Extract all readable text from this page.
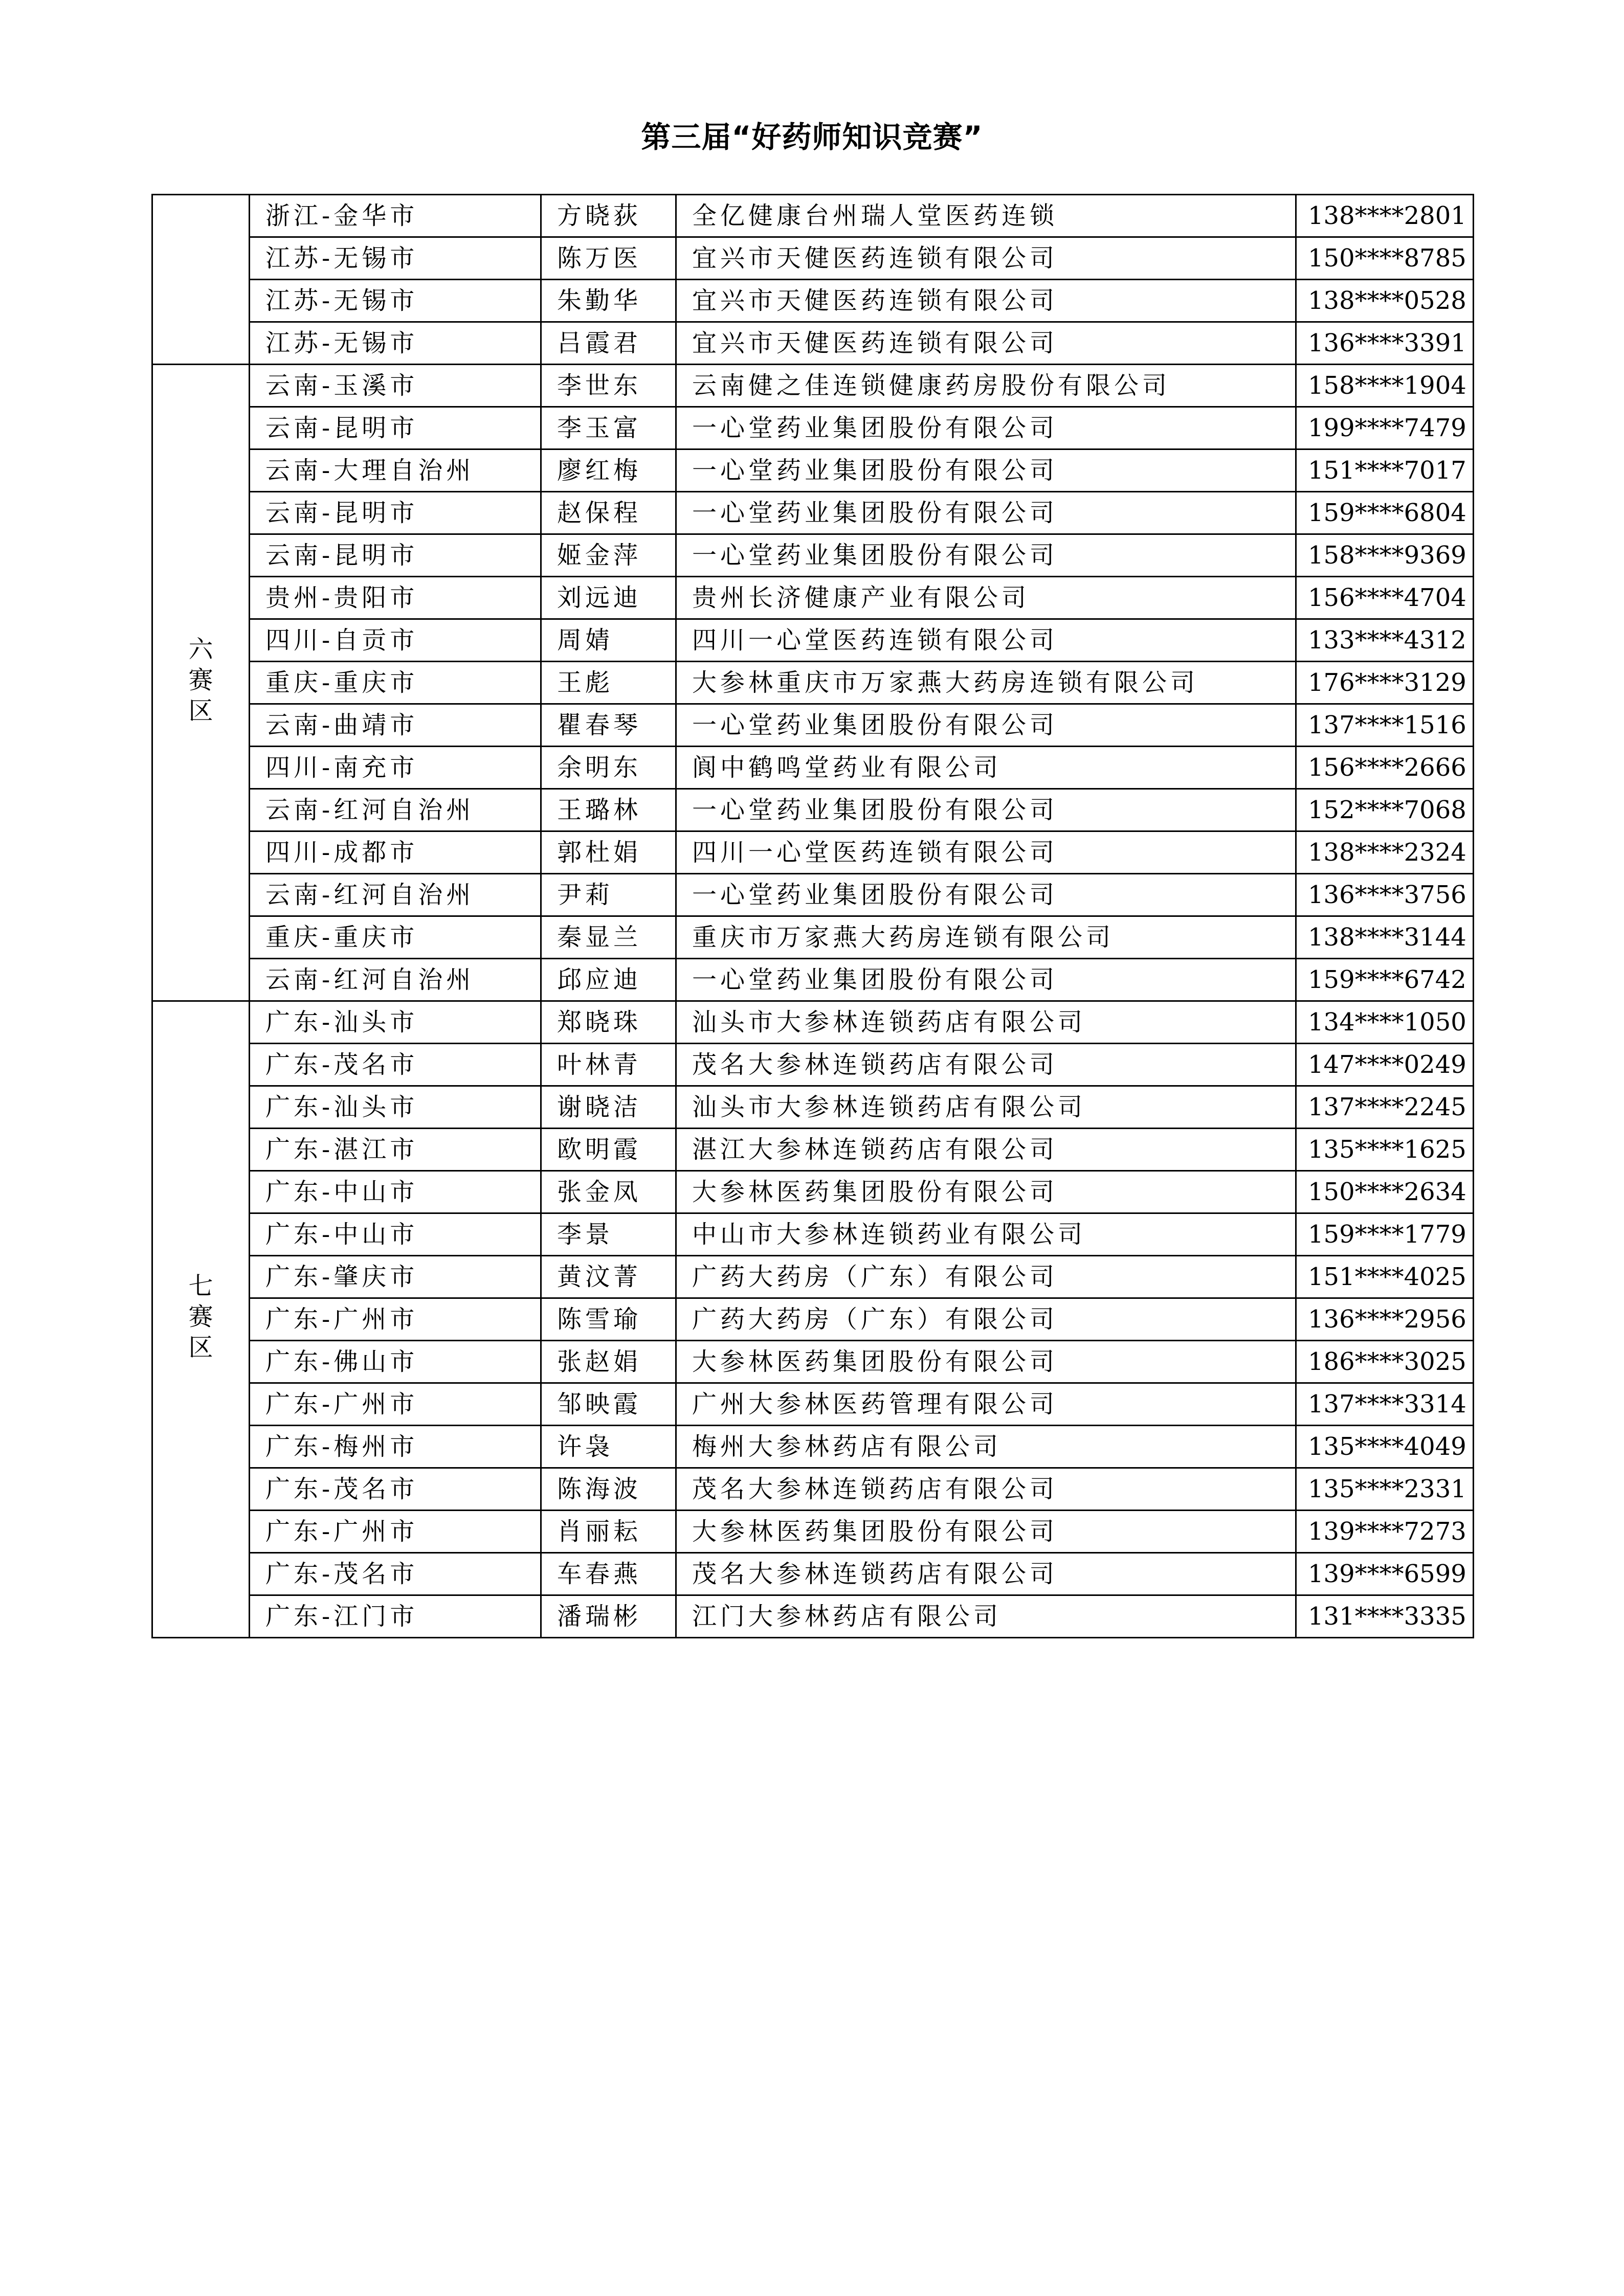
第三届“好药师知识竞赛”
	浙江-金华市	方晓荻	全亿健康台州瑞人堂医药连锁	138****2801
	江苏-无锡市	陈万医	宜兴市天健医药连锁有限公司	150****8785
	江苏-无锡市	朱勤华	宜兴市天健医药连锁有限公司	138****0528
	江苏-无锡市	吕霞君	宜兴市天健医药连锁有限公司	136****3391
六赛区	云南-玉溪市	李世东	云南健之佳连锁健康药房股份有限公司	158****1904
	云南-昆明市	李玉富	一心堂药业集团股份有限公司	199****7479
	云南-大理自治州	廖红梅	一心堂药业集团股份有限公司	151****7017
	云南-昆明市	赵保程	一心堂药业集团股份有限公司	159****6804
	云南-昆明市	姬金萍	一心堂药业集团股份有限公司	158****9369
	贵州-贵阳市	刘远迪	贵州长济健康产业有限公司	156****4704
	四川-自贡市	周婧	四川一心堂医药连锁有限公司	133****4312
	重庆-重庆市	王彪	大参林重庆市万家燕大药房连锁有限公司	176****3129
	云南-曲靖市	瞿春琴	一心堂药业集团股份有限公司	137****1516
	四川-南充市	余明东	阆中鹤鸣堂药业有限公司	156****2666
	云南-红河自治州	王璐林	一心堂药业集团股份有限公司	152****7068
	四川-成都市	郭杜娟	四川一心堂医药连锁有限公司	138****2324
	云南-红河自治州	尹莉	一心堂药业集团股份有限公司	136****3756
	重庆-重庆市	秦显兰	重庆市万家燕大药房连锁有限公司	138****3144
	云南-红河自治州	邱应迪	一心堂药业集团股份有限公司	159****6742
七赛区	广东-汕头市	郑晓珠	汕头市大参林连锁药店有限公司	134****1050
	广东-茂名市	叶林青	茂名大参林连锁药店有限公司	147****0249
	广东-汕头市	谢晓洁	汕头市大参林连锁药店有限公司	137****2245
	广东-湛江市	欧明霞	湛江大参林连锁药店有限公司	135****1625
	广东-中山市	张金凤	大参林医药集团股份有限公司	150****2634
	广东-中山市	李景	中山市大参林连锁药业有限公司	159****1779
	广东-肇庆市	黄汶菁	广药大药房（广东）有限公司	151****4025
	广东-广州市	陈雪瑜	广药大药房（广东）有限公司	136****2956
	广东-佛山市	张赵娟	大参林医药集团股份有限公司	186****3025
	广东-广州市	邹映霞	广州大参林医药管理有限公司	137****3314
	广东-梅州市	许袅	梅州大参林药店有限公司	135****4049
	广东-茂名市	陈海波	茂名大参林连锁药店有限公司	135****2331
	广东-广州市	肖丽耘	大参林医药集团股份有限公司	139****7273
	广东-茂名市	车春燕	茂名大参林连锁药店有限公司	139****6599
	广东-江门市	潘瑞彬	江门大参林药店有限公司	131****3335
